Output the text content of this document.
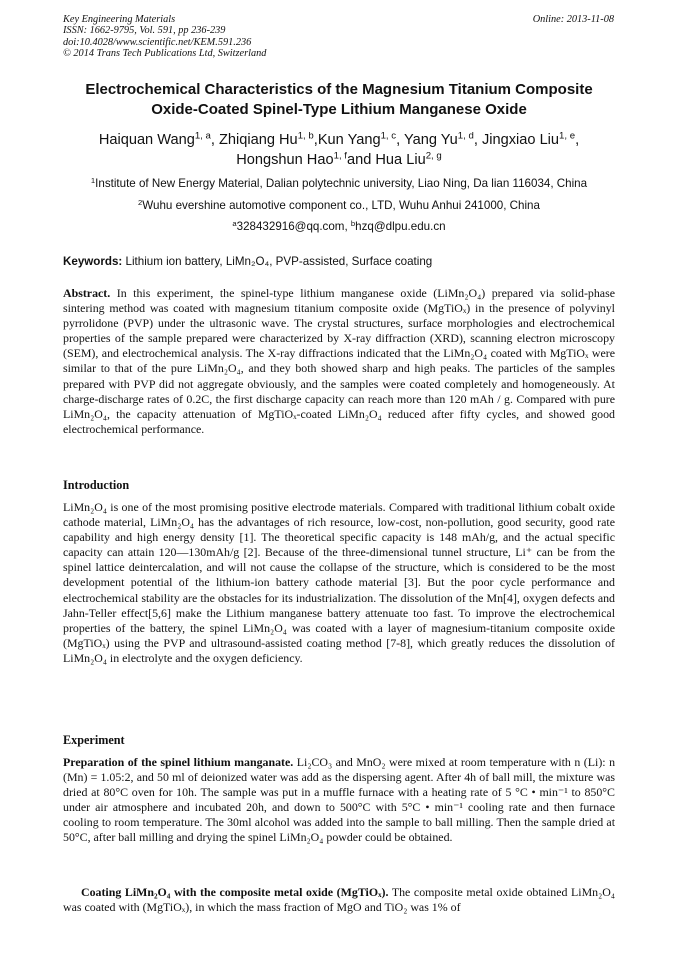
Key Engineering Materials
ISSN: 1662-9795, Vol. 591, pp 236-239
doi:10.4028/www.scientific.net/KEM.591.236
© 2014 Trans Tech Publications Ltd, Switzerland
Online: 2013-11-08
Electrochemical Characteristics of the Magnesium Titanium Composite
Oxide-Coated Spinel-Type Lithium Manganese Oxide
Haiquan Wang$^{1, a}$, Zhiqiang Hu$^{1, b}$,Kun Yang$^{1, c}$, Yang Yu$^{1, d}$, Jingxiao Liu$^{1, e}$,
Hongshun Hao$^{1, f}$and Hua Liu$^{2, g}$
$^1$Institute of New Energy Material, Dalian polytechnic university, Liao Ning, Da lian 116034, China
$^2$Wuhu evershine automotive component co., LTD, Wuhu Anhui 241000, China
$^a$328432916@qq.com, $^b$hzq@dlpu.edu.cn
Keywords: Lithium ion battery, LiMn₂O₄, PVP-assisted, Surface coating
Abstract. In this experiment, the spinel-type lithium manganese oxide (LiMn₂O₄) prepared via solid-phase sintering method was coated with magnesium titanium composite oxide (MgTiOₓ) in the presence of polyvinyl pyrrolidone (PVP) under the ultrasonic wave. The crystal structures, surface morphologies and electrochemical properties of the sample prepared were characterized by X-ray diffraction (XRD), scanning electron microscopy (SEM), and electrochemical analysis. The X-ray diffractions indicated that the LiMn₂O₄ coated with MgTiOₓ were similar to that of the pure LiMn₂O₄, and they both showed sharp and high peaks. The particles of the samples prepared with PVP did not aggregate obviously, and the samples were coated completely and homogeneously. At charge-discharge rates of 0.2C, the first discharge capacity can reach more than 120 mAh / g. Compared with pure LiMn₂O₄, the capacity attenuation of MgTiOₓ-coated LiMn₂O₄ reduced after fifty cycles, and showed good electrochemical performance.
Introduction
LiMn₂O₄ is one of the most promising positive electrode materials. Compared with traditional lithium cobalt oxide cathode material, LiMn₂O₄ has the advantages of rich resource, low-cost, non-pollution, good security, good rate capability and high energy density [1]. The theoretical specific capacity is 148 mAh/g, and the actual specific capacity can attain 120—130mAh/g [2]. Because of the three-dimensional tunnel structure, Li⁺ can be from the spinel lattice deintercalation, and will not cause the collapse of the structure, which is considered to be the most development potential of the lithium-ion battery cathode material [3]. But the poor cycle performance and electrochemical stability are the obstacles for its industrialization. The dissolution of the Mn[4], oxygen defects and Jahn-Teller effect[5,6] make the Lithium manganese battery attenuate too fast. To improve the electrochemical properties of the battery, the spinel LiMn₂O₄ was coated with a layer of magnesium-titanium composite oxide (MgTiOₓ) using the PVP and ultrasound-assisted coating method [7-8], which greatly reduces the dissolution of LiMn₂O₄ in electrolyte and the oxygen deficiency.
Experiment
Preparation of the spinel lithium manganate. Li₂CO₃ and MnO₂ were mixed at room temperature with n (Li): n (Mn) = 1.05:2, and 50 ml of deionized water was add as the dispersing agent. After 4h of ball mill, the mixture was dried at 80°C oven for 10h. The sample was put in a muffle furnace with a heating rate of 5 °C • min⁻¹ to 850°C under air atmosphere and incubated 20h, and down to 500°C with 5°C • min⁻¹ cooling rate and then furnace cooling to room temperature. The 30ml alcohol was added into the sample to ball milling. Then the sample dried at 50°C, after ball milling and drying the spinel LiMn₂O₄ powder could be obtained.
Coating LiMn₂O₄ with the composite metal oxide (MgTiOₓ). The composite metal oxide obtained LiMn₂O₄ was coated with (MgTiOₓ), in which the mass fraction of MgO and TiO₂ was 1% of
